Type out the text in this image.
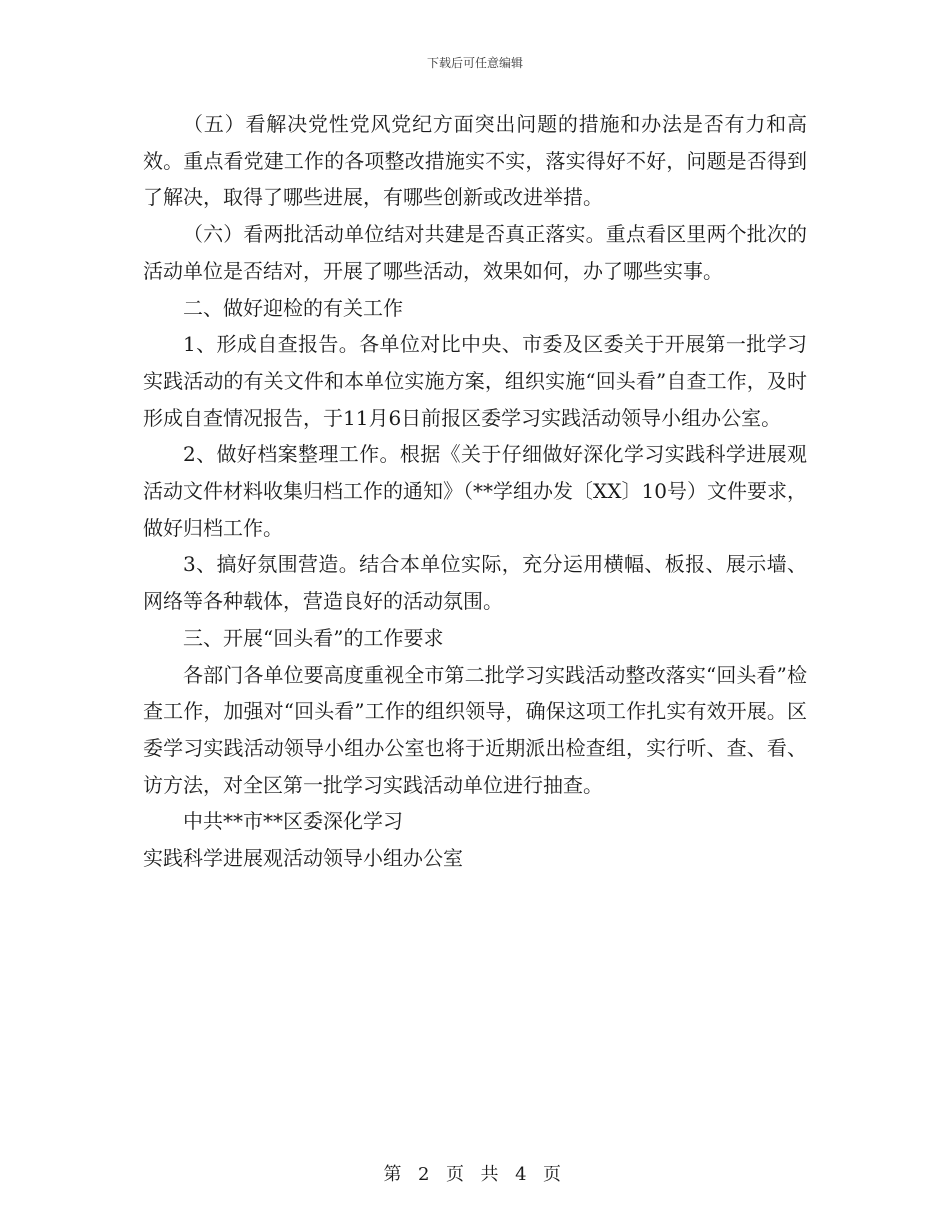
下载后可任意编辑

（五）看解决党性党风党纪方面突出问题的措施和办法是否有力和高效。重点看党建工作的各项整改措施实不实，落实得好不好，问题是否得到了解决，取得了哪些进展，有哪些创新或改进举措。

（六）看两批活动单位结对共建是否真正落实。重点看区里两个批次的活动单位是否结对，开展了哪些活动，效果如何，办了哪些实事。

二、做好迎检的有关工作

1、形成自查报告。各单位对比中央、市委及区委关于开展第一批学习实践活动的有关文件和本单位实施方案，组织实施“回头看”自查工作，及时形成自查情况报告，于11月6日前报区委学习实践活动领导小组办公室。

2、做好档案整理工作。根据《关于仔细做好深化学习实践科学进展观活动文件材料收集归档工作的通知》（**学组办发〔XX〕10号）文件要求，做好归档工作。

3、搞好氛围营造。结合本单位实际，充分运用横幅、板报、展示墙、网络等各种载体，营造良好的活动氛围。

三、开展“回头看”的工作要求

各部门各单位要高度重视全市第二批学习实践活动整改落实“回头看”检查工作，加强对“回头看”工作的组织领导，确保这项工作扎实有效开展。区委学习实践活动领导小组办公室也将于近期派出检查组，实行听、查、看、访方法，对全区第一批学习实践活动单位进行抽查。

中共**市**区委深化学习

实践科学进展观活动领导小组办公室

第 2 页 共 4 页
